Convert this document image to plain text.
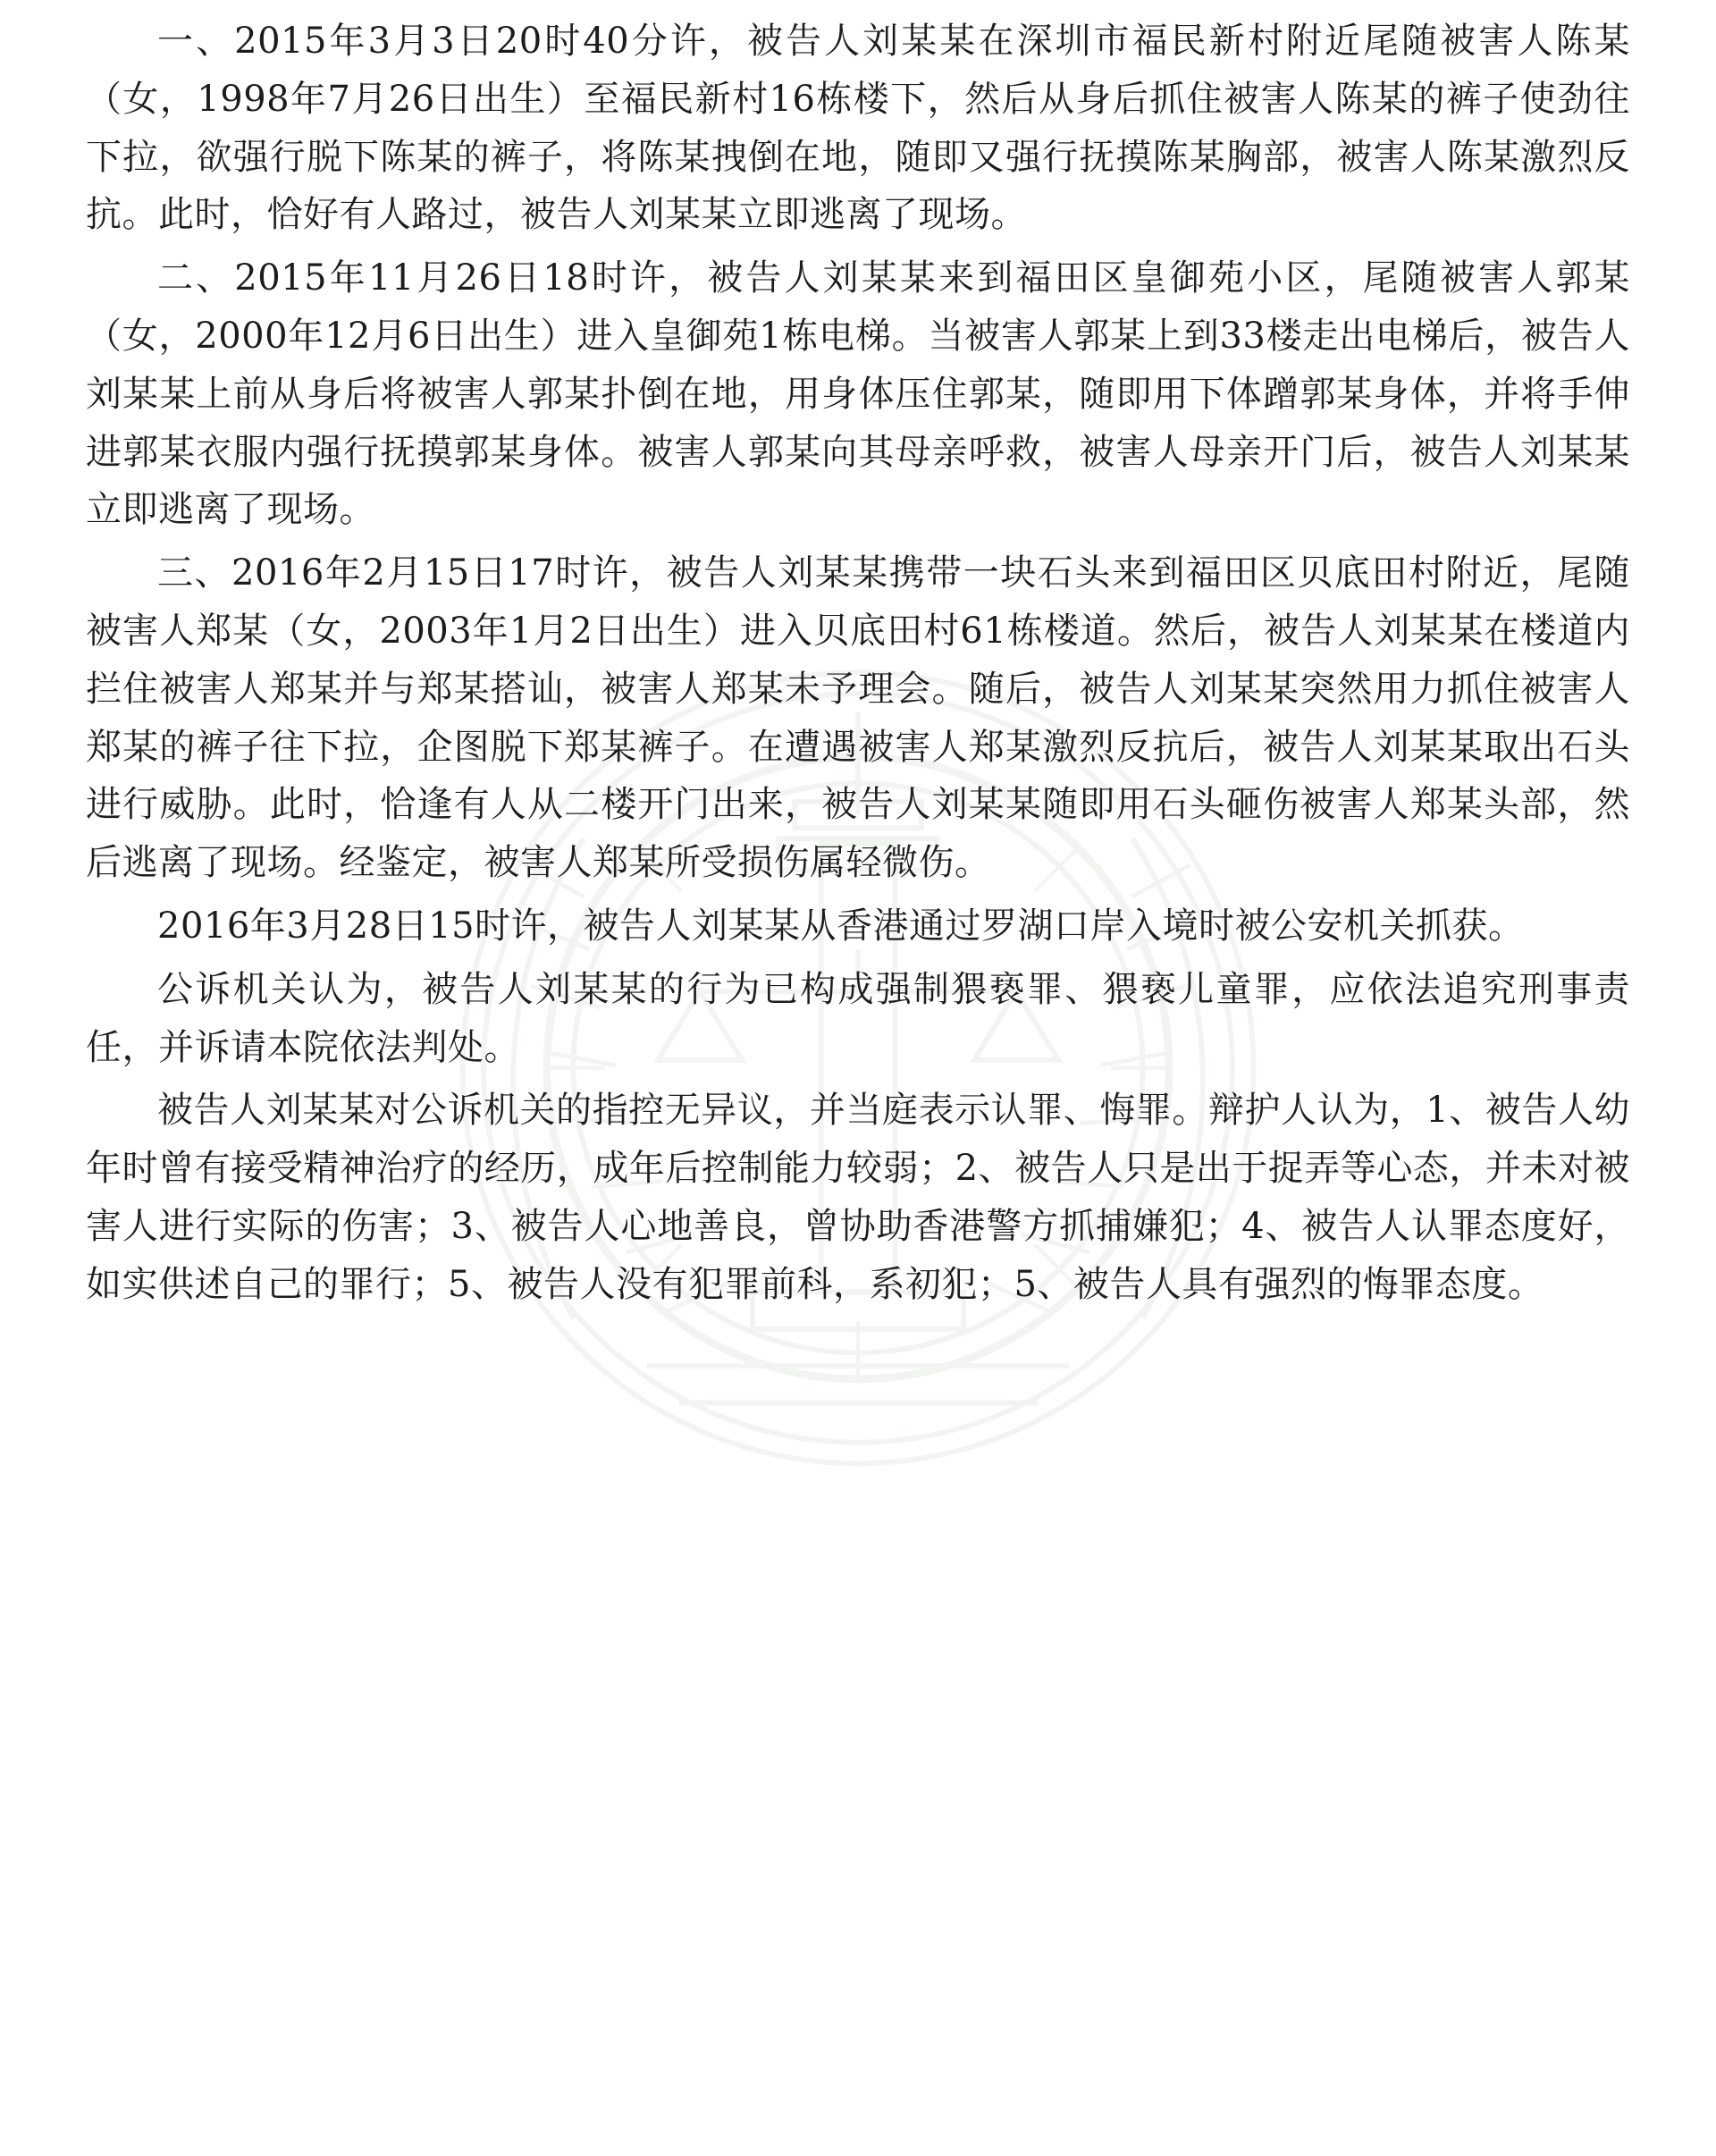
一、2015年3月3日20时40分许，被告人刘某某在深圳市福民新村附近尾随被害人陈某（女，1998年7月26日出生）至福民新村16栋楼下，然后从身后抓住被害人陈某的裤子使劲往下拉，欲强行脱下陈某的裤子，将陈某拽倒在地，随即又强行抚摸陈某胸部，被害人陈某激烈反抗。此时，恰好有人路过，被告人刘某某立即逃离了现场。

二、2015年11月26日18时许，被告人刘某某来到福田区皇御苑小区，尾随被害人郭某（女，2000年12月6日出生）进入皇御苑1栋电梯。当被害人郭某上到33楼走出电梯后，被告人刘某某上前从身后将被害人郭某扑倒在地，用身体压住郭某，随即用下体蹭郭某身体，并将手伸进郭某衣服内强行抚摸郭某身体。被害人郭某向其母亲呼救，被害人母亲开门后，被告人刘某某立即逃离了现场。

三、2016年2月15日17时许，被告人刘某某携带一块石头来到福田区贝底田村附近，尾随被害人郑某（女，2003年1月2日出生）进入贝底田村61栋楼道。然后，被告人刘某某在楼道内拦住被害人郑某并与郑某搭讪，被害人郑某未予理会。随后，被告人刘某某突然用力抓住被害人郑某的裤子往下拉，企图脱下郑某裤子。在遭遇被害人郑某激烈反抗后，被告人刘某某取出石头进行威胁。此时，恰逢有人从二楼开门出来，被告人刘某某随即用石头砸伤被害人郑某头部，然后逃离了现场。经鉴定，被害人郑某所受损伤属轻微伤。

2016年3月28日15时许，被告人刘某某从香港通过罗湖口岸入境时被公安机关抓获。

公诉机关认为，被告人刘某某的行为已构成强制猥亵罪、猥亵儿童罪，应依法追究刑事责任，并诉请本院依法判处。

被告人刘某某对公诉机关的指控无异议，并当庭表示认罪、悔罪。辩护人认为，1、被告人幼年时曾有接受精神治疗的经历，成年后控制能力较弱；2、被告人只是出于捉弄等心态，并未对被害人进行实际的伤害；3、被告人心地善良，曾协助香港警方抓捕嫌犯；4、被告人认罪态度好，如实供述自己的罪行；5、被告人没有犯罪前科，系初犯；5、被告人具有强烈的悔罪态度。
